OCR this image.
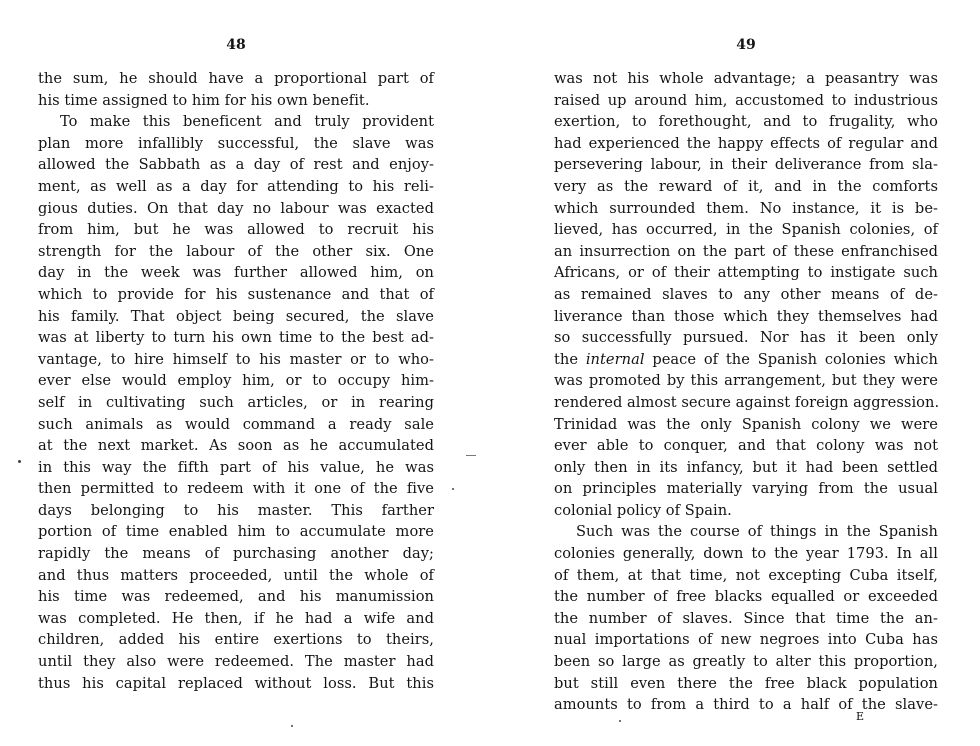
48
the sum, he should have a proportional part of
his time assigned to him for his own benefit.
To make this beneficent and truly provident
plan more infallibly successful, the slave was
allowed the Sabbath as a day of rest and enjoy-
ment, as well as a day for attending to his reli-
gious duties. On that day no labour was exacted
from him, but he was allowed to recruit his
strength for the labour of the other six. One
day in the week was further allowed him, on
which to provide for his sustenance and that of
his family. That object being secured, the slave
was at liberty to turn his own time to the best ad-
vantage, to hire himself to his master or to who-
ever else would employ him, or to occupy him-
self in cultivating such articles, or in rearing
such animals as would command a ready sale
at the next market. As soon as he accumulated
in this way the fifth part of his value, he was
then permitted to redeem with it one of the five
days belonging to his master. This farther
portion of time enabled him to accumulate more
rapidly the means of purchasing another day;
and thus matters proceeded, until the whole of
his time was redeemed, and his manumission
was completed. He then, if he had a wife and
children, added his entire exertions to theirs,
until they also were redeemed. The master had
thus his capital replaced without loss. But this
49
was not his whole advantage; a peasantry was
raised up around him, accustomed to industrious
exertion, to forethought, and to frugality, who
had experienced the happy effects of regular and
persevering labour, in their deliverance from sla-
very as the reward of it, and in the comforts
which surrounded them. No instance, it is be-
lieved, has occurred, in the Spanish colonies, of
an insurrection on the part of these enfranchised
Africans, or of their attempting to instigate such
as remained slaves to any other means of de-
liverance than those which they themselves had
so successfully pursued. Nor has it been only
the internal peace of the Spanish colonies which
was promoted by this arrangement, but they were
rendered almost secure against foreign aggression.
Trinidad was the only Spanish colony we were
ever able to conquer, and that colony was not
only then in its infancy, but it had been settled
on principles materially varying from the usual
colonial policy of Spain.
Such was the course of things in the Spanish
colonies generally, down to the year 1793. In all
of them, at that time, not excepting Cuba itself,
the number of free blacks equalled or exceeded
the number of slaves. Since that time the an-
nual importations of new negroes into Cuba has
been so large as greatly to alter this proportion,
but still even there the free black population
amounts to from a third to a half of the slave-
E
